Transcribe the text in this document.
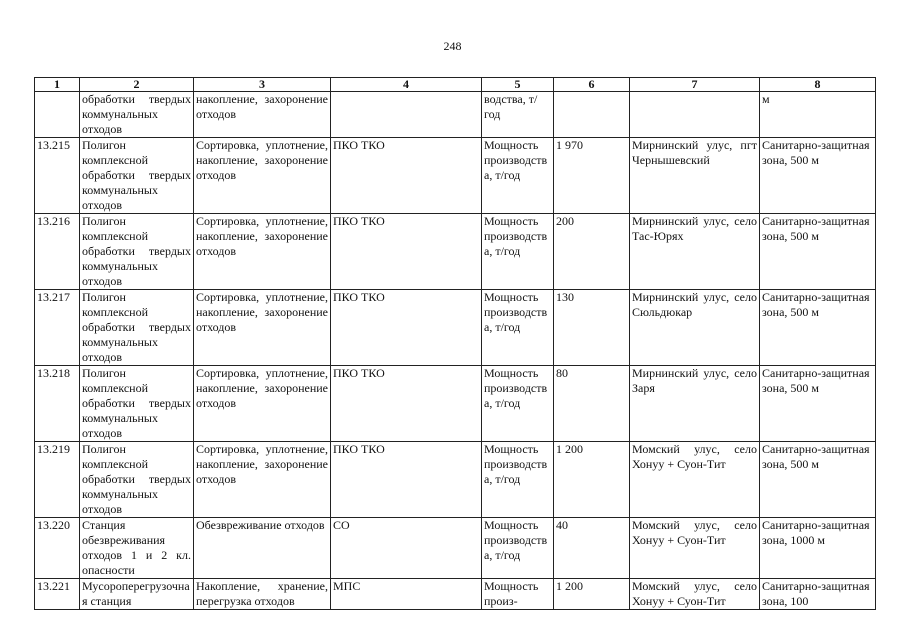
248
1	2	3	4	5	6	7	8
	обработки твердых коммунальных отходов	накопление, захоронение отходов		водства, т/год			м
13.215	Полигон комплексной обработки твердых коммунальных отходов	Сортировка, уплотнение, накопление, захоронение отходов	ПКО ТКО	Мощность производства, т/год	1 970	Мирнинский улус, пгт Чернышевский	Санитарно-защитная зона, 500 м
13.216	Полигон комплексной обработки твердых коммунальных отходов	Сортировка, уплотнение, накопление, захоронение отходов	ПКО ТКО	Мощность производства, т/год	200	Мирнинский улус, село Тас-Юрях	Санитарно-защитная зона, 500 м
13.217	Полигон комплексной обработки твердых коммунальных отходов	Сортировка, уплотнение, накопление, захоронение отходов	ПКО ТКО	Мощность производства, т/год	130	Мирнинский улус, село Сюльдюкар	Санитарно-защитная зона, 500 м
13.218	Полигон комплексной обработки твердых коммунальных отходов	Сортировка, уплотнение, накопление, захоронение отходов	ПКО ТКО	Мощность производства, т/год	80	Мирнинский улус, село Заря	Санитарно-защитная зона, 500 м
13.219	Полигон комплексной обработки твердых коммунальных отходов	Сортировка, уплотнение, накопление, захоронение отходов	ПКО ТКО	Мощность производства, т/год	1 200	Момский улус, село Хонуу + Суон-Тит	Санитарно-защитная зона, 500 м
13.220	Станция обезвреживания отходов 1 и 2 кл. опасности	Обезвреживание отходов	СО	Мощность производства, т/год	40	Момский улус, село Хонуу + Суон-Тит	Санитарно-защитная зона, 1000 м
13.221	Мусороперегрузочная станция	Накопление, хранение, перегрузка отходов	МПС	Мощность произ-	1 200	Момский улус, село Хонуу + Суон-Тит	Санитарно-защитная зона, 100
